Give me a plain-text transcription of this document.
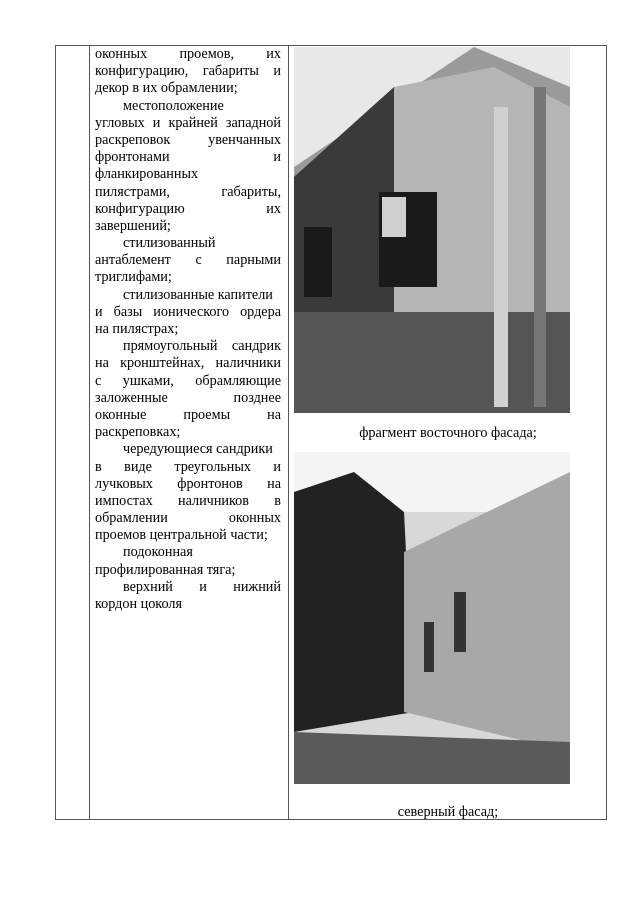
оконных проемов, их
конфигурацию, габариты и
декор в их обрамлении;
местоположение
угловых и крайней западной
раскреповок увенчанных
фронтонами и
фланкированных
пилястрами, габариты,
конфигурацию их
завершений;
стилизованный
антаблемент с парными
триглифами;
стилизованные капители
и базы ионического ордера
на пилястрах;
прямоугольный сандрик
на кронштейнах, наличники
с ушками, обрамляющие
заложенные позднее
оконные проемы на
раскреповках;
чередующиеся сандрики
в виде треугольных и
лучковых фронтонов на
импостах наличников в
обрамлении оконных
проемов центральной части;
подоконная
профилированная тяга;
верхний и нижний
кордон цоколя
фрагмент восточного фасада;
северный фасад;
